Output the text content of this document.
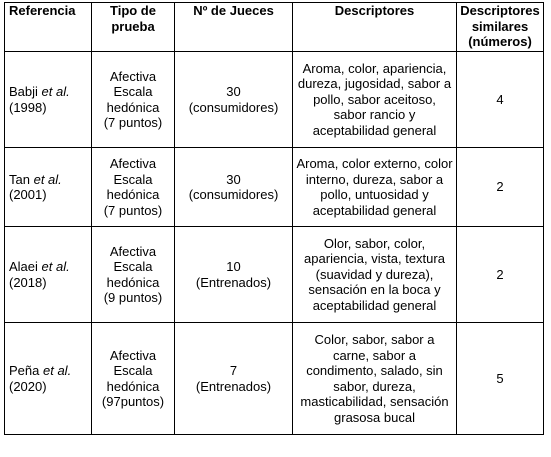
Referencia	Tipo de prueba	Nº de Jueces	Descriptores	Descriptores similares (números)

Babji et al.
(1998)	Afectiva
Escala
hedónica
(7 puntos)	30
(consumidores)	Aroma, color, apariencia, dureza, jugosidad, sabor a pollo, sabor aceitoso, sabor rancio y aceptabilidad general	4

Tan et al.
(2001)	Afectiva
Escala
hedónica
(7 puntos)	30
(consumidores)	Aroma, color externo, color interno, dureza, sabor a pollo, untuosidad y aceptabilidad general	2

Alaei et al.
(2018)	Afectiva
Escala
hedónica
(9 puntos)	10
(Entrenados)	Olor, sabor, color, apariencia, vista, textura (suavidad y dureza), sensación en la boca y aceptabilidad general	2

Peña et al.
(2020)	Afectiva
Escala
hedónica
(97puntos)	7
(Entrenados)	Color, sabor, sabor a carne, sabor a condimento, salado, sin sabor, dureza, masticabilidad, sensación grasosa bucal	5
